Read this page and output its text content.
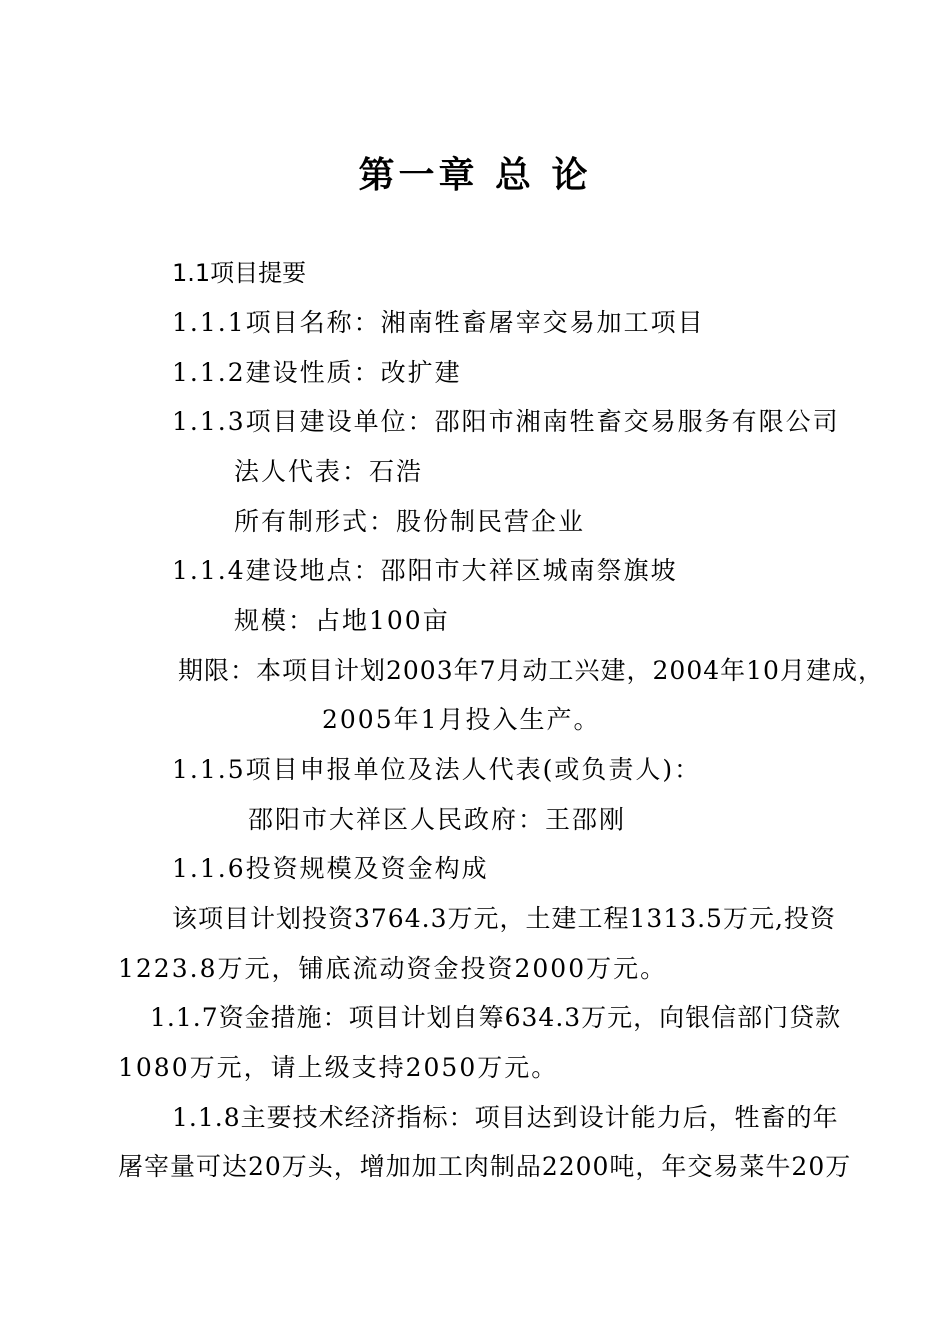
第一章 总 论
1.1项目提要
1.1.1项目名称：湘南牲畜屠宰交易加工项目
1.1.2建设性质：改扩建
1.1.3项目建设单位：邵阳市湘南牲畜交易服务有限公司
法人代表：石浩
所有制形式：股份制民营企业
1.1.4建设地点：邵阳市大祥区城南祭旗坡
规模：占地100亩
期限：本项目计划2003年7月动工兴建，2004年10月建成，
2005年1月投入生产。
1.1.5项目申报单位及法人代表(或负责人)：
邵阳市大祥区人民政府：王邵刚
1.1.6投资规模及资金构成
该项目计划投资3764.3万元，土建工程1313.5万元,投资
1223.8万元，铺底流动资金投资2000万元。
1.1.7资金措施：项目计划自筹634.3万元，向银信部门贷款
1080万元，请上级支持2050万元。
1.1.8主要技术经济指标：项目达到设计能力后，牲畜的年
屠宰量可达20万头，增加加工肉制品2200吨，年交易菜牛20万
